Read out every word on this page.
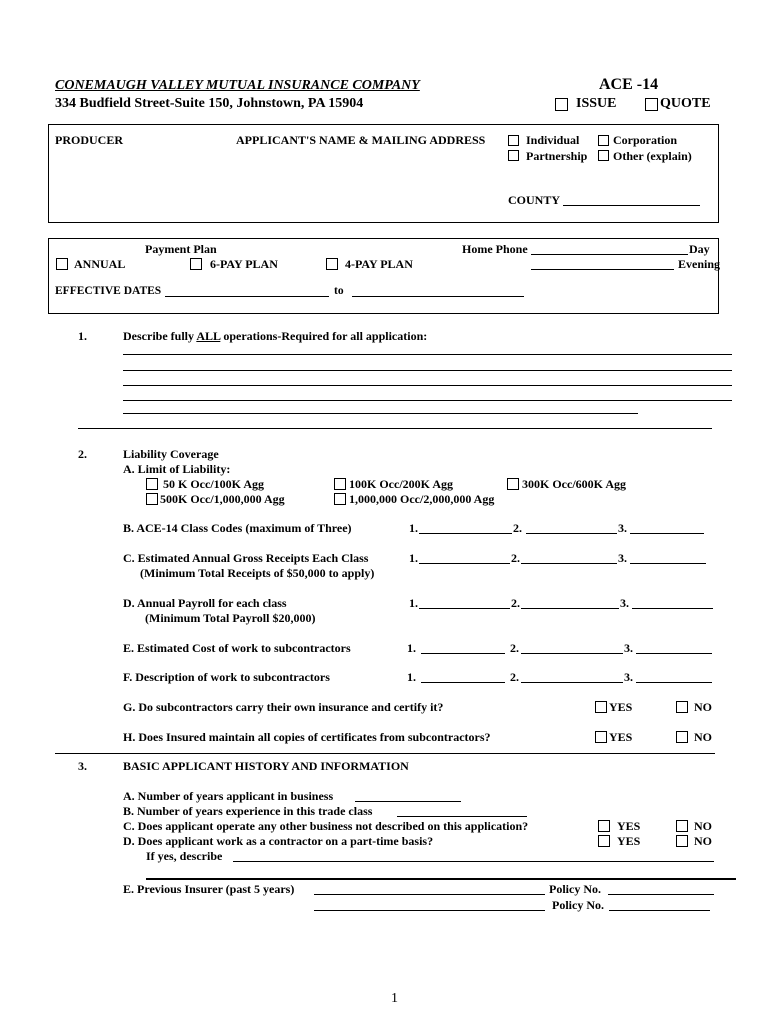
CONEMAUGH VALLEY MUTUAL INSURANCE COMPANY
334 Budfield Street-Suite 150, Johnstown, PA 15904
ACE -14
ISSUE	QUOTE
PRODUCER	APPLICANT'S NAME & MAILING ADDRESS	Individual	Corporation
Partnership Other (explain)
COUNTY
Payment Plan
ANNUAL	6-PAY PLAN	4-PAY PLAN
Home Phone	Day
Evening
EFFECTIVE DATES	to
1.	Describe fully ALL operations-Required for all application:
2.	Liability Coverage
A. Limit of Liability:
50 K Occ/100K Agg	100K Occ/200K Agg	300K Occ/600K Agg
500K Occ/1,000,000 Agg	1,000,000 Occ/2,000,000 Agg
B. ACE-14 Class Codes (maximum of Three)	1.	2.	3.
C. Estimated Annual Gross Receipts Each Class
(Minimum Total Receipts of $50,000 to apply)
1.	2.	3.
D. Annual Payroll for each class
(Minimum Total Payroll $20,000)
1.	2.	3.
E. Estimated Cost of work to subcontractors	1.	2.	3.
F. Description of work to subcontractors	1.	2.	3.
G. Do subcontractors carry their own insurance and certify it?	YES	NO
H. Does Insured maintain all copies of certificates from subcontractors?	YES	NO
3.	BASIC APPLICANT HISTORY AND INFORMATION
A. Number of years applicant in business
B. Number of years experience in this trade class
C. Does applicant operate any other business not described on this application?	YES	NO
D. Does applicant work as a contractor on a part-time basis?	YES	NO
If yes, describe
E. Previous Insurer (past 5 years)	Policy No.
Policy No.
1
